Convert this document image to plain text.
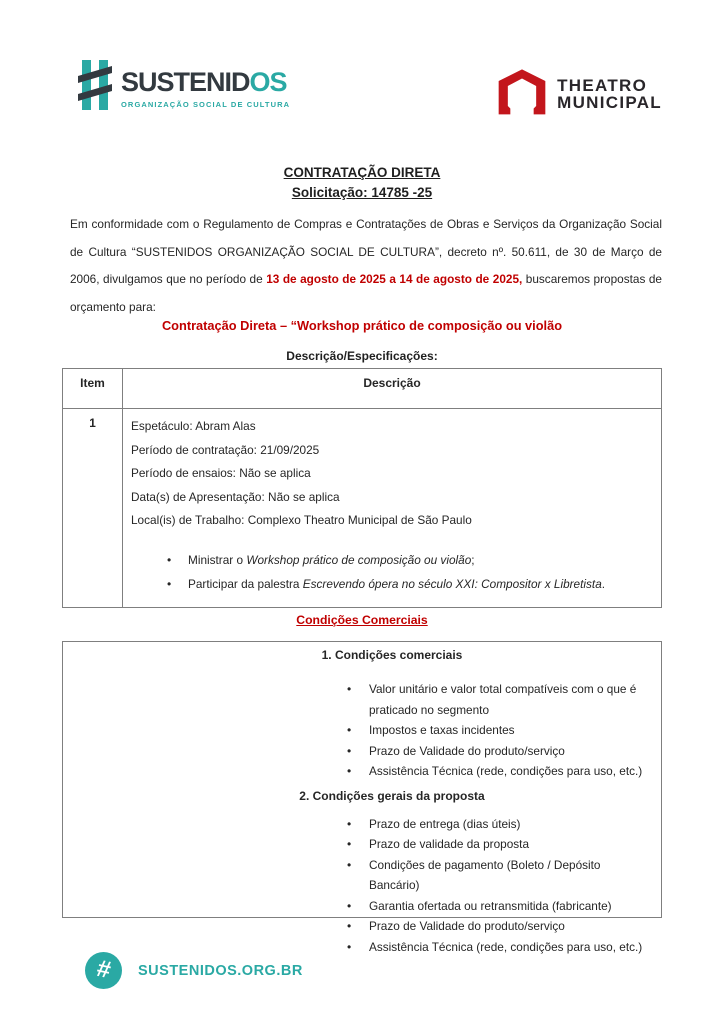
SUSTENIDOS
ORGANIZAÇÃO SOCIAL DE CULTURA
THEATRO
MUNICIPAL
CONTRATAÇÃO DIRETA
Solicitação: 14785 -25

Em conformidade com o Regulamento de Compras e Contratações de Obras e Serviços da Organização Social de Cultura “SUSTENIDOS ORGANIZAÇÃO SOCIAL DE CULTURA”, decreto nº. 50.611, de 30 de Março de 2006, divulgamos que no período de 13 de agosto de 2025 a 14 de agosto de 2025, buscaremos propostas de orçamento para:

Contratação Direta – “Workshop prático de composição ou violão
Descrição/Especificações:
Item	Descrição
1	Espetáculo: Abram Alas
Período de contratação: 21/09/2025
Período de ensaios: Não se aplica
Data(s) de Apresentação: Não se aplica
Local(is) de Trabalho: Complexo Theatro Municipal de São Paulo
• Ministrar o Workshop prático de composição ou violão;
• Participar da palestra Escrevendo ópera no século XXI: Compositor x Libretista.
Condições Comerciais
1. Condições comerciais
• Valor unitário e valor total compatíveis com o que é praticado no segmento
• Impostos e taxas incidentes
• Prazo de Validade do produto/serviço
• Assistência Técnica (rede, condições para uso, etc.)
2. Condições gerais da proposta
• Prazo de entrega (dias úteis)
• Prazo de validade da proposta
• Condições de pagamento (Boleto / Depósito Bancário)
• Garantia ofertada ou retransmitida (fabricante)
• Prazo de Validade do produto/serviço
• Assistência Técnica (rede, condições para uso, etc.)
# SUSTENIDOS.ORG.BR
